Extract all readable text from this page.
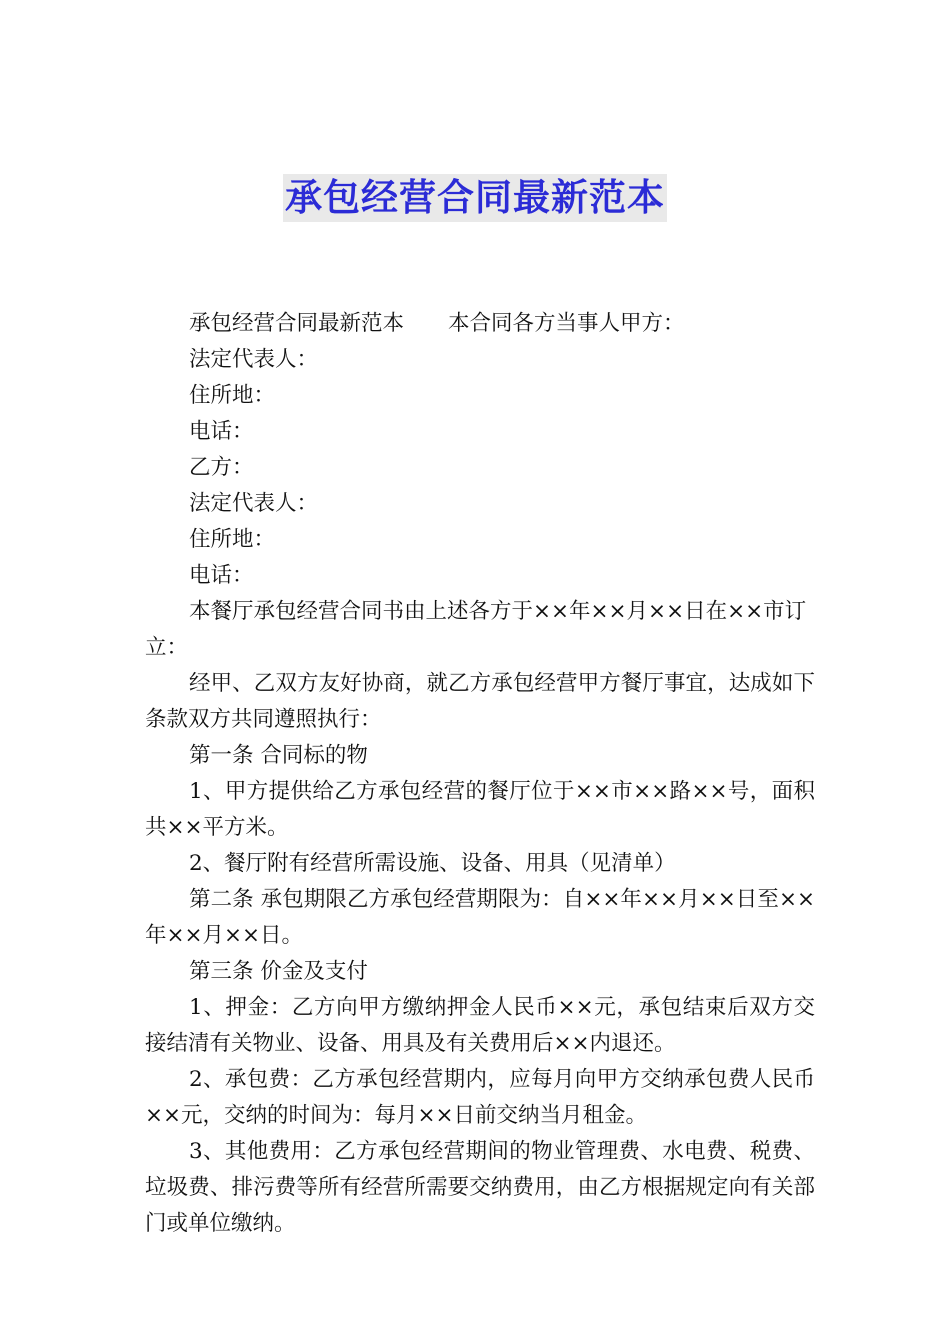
承包经营合同最新范本

承包经营合同最新范本 本合同各方当事人甲方：

法定代表人：

住所地：

电话：

乙方：

法定代表人：

住所地：

电话：

本餐厅承包经营合同书由上述各方于××年××月××日在××市订立：

经甲、乙双方友好协商，就乙方承包经营甲方餐厅事宜，达成如下条款双方共同遵照执行：

第一条 合同标的物

1、甲方提供给乙方承包经营的餐厅位于××市××路××号，面积共××平方米。

2、餐厅附有经营所需设施、设备、用具（见清单）

第二条 承包期限乙方承包经营期限为：自××年××月××日至××年××月××日。

第三条 价金及支付

1、押金：乙方向甲方缴纳押金人民币××元，承包结束后双方交接结清有关物业、设备、用具及有关费用后××内退还。

2、承包费：乙方承包经营期内，应每月向甲方交纳承包费人民币××元，交纳的时间为：每月××日前交纳当月租金。

3、其他费用：乙方承包经营期间的物业管理费、水电费、税费、垃圾费、排污费等所有经营所需要交纳费用，由乙方根据规定向有关部门或单位缴纳。
